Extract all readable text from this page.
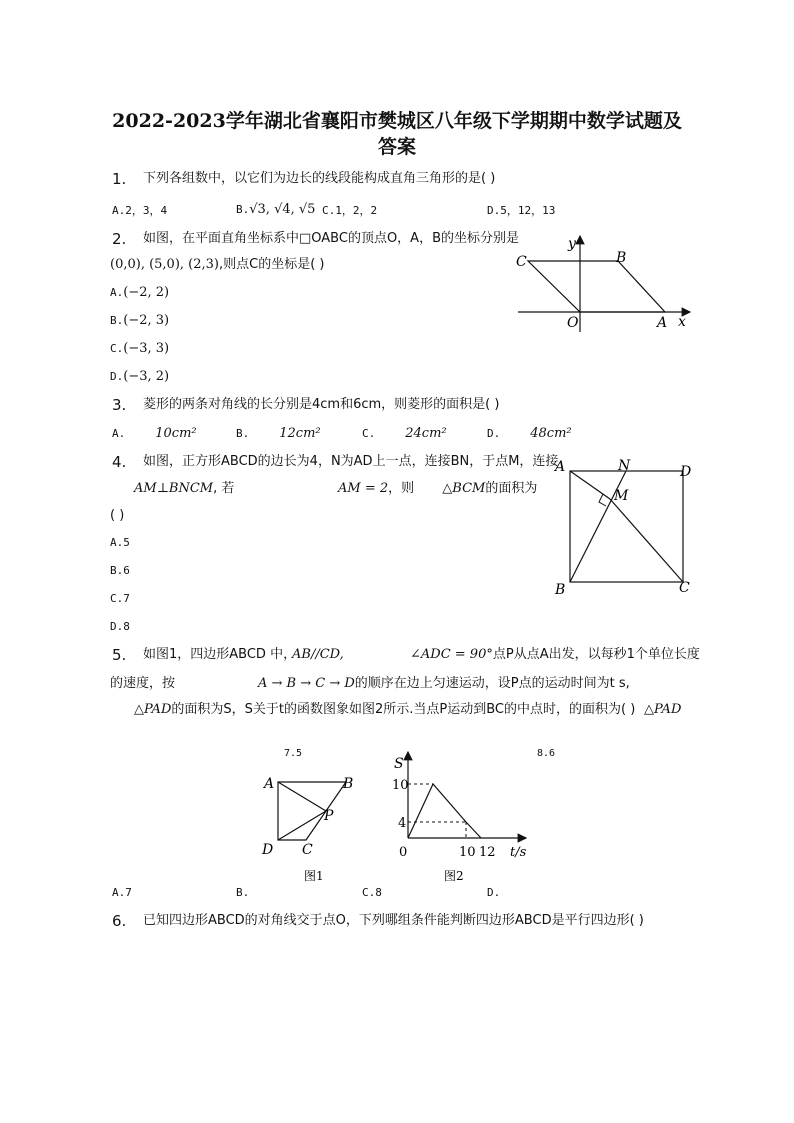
2022-2023学年湖北省襄阳市樊城区八年级下学期期中数学试题及
答案
1. 下列各组数中，以它们为边长的线段能构成直角三角形的是( )
A.2，3，4	B.√3, √4, √5 C.1，2，2	D.5，12，13
2. 如图，在平面直角坐标系中□OABC的顶点O，A，B的坐标分别是
(0,0), (5,0), (2,3),则点C的坐标是( )
A.(−2, 2)
B.(−2, 3)
C.(−3, 3)
D.(−3, 2)
y
x
O	A
B
C
3. 菱形的两条对角线的长分别是4cm和6cm，则菱形的面积是( )
A. 10cm²	B. 12cm²	C. 24cm²	D. 48cm²
4. 如图，正方形ABCD的边长为4，N为AD上一点，连接BN，于点M，连接
AM⊥BNCM, 若	AM = 2，则 △BCM的面积为
( )
A.5
B.6
C.7
D.8
A	N	D
M
B	C
5. 如图1，四边形ABCD 中，
AB//CD,	∠ADC = 90°点P从点A出发，以每秒1个单位长度
的速度，按	A → B → C → D的顺序在边上匀速运动，设P点的运动时间为t s,
△PAD的面积为S，S关于t的函数图象如图2所示.当点P运动到BC的中点时，的面积为( ) △PAD
7.5	8.6
A	B
P
D C
图1
S
10
4
0	10 12 t/s
图2
A.7	B.	C.8	D.
6. 已知四边形ABCD的对角线交于点O，下列哪组条件能判断四边形ABCD是平行四边形( )
